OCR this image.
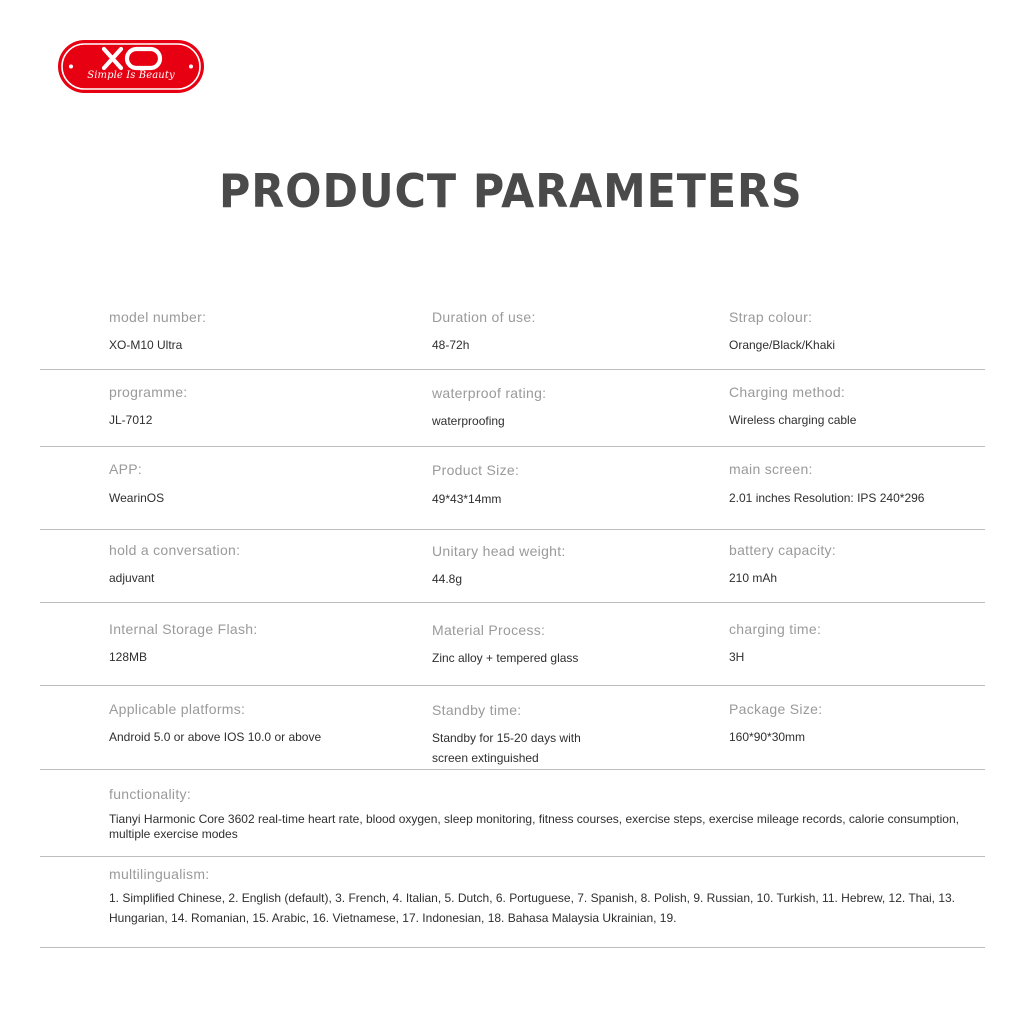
Simple Is Beauty
PRODUCT PARAMETERS
model number:
XO-M10 Ultra
Duration of use:
48-72h
Strap colour:
Orange/Black/Khaki
programme:
JL-7012
waterproof rating:
waterproofing
Charging method:
Wireless charging cable
APP:
WearinOS
Product Size:
49*43*14mm
main screen:
2.01 inches Resolution: IPS 240*296
hold a conversation:
adjuvant
Unitary head weight:
44.8g
battery capacity:
210 mAh
Internal Storage Flash:
128MB
Material Process:
Zinc alloy + tempered glass
charging time:
3H
Applicable platforms:
Android 5.0 or above IOS 10.0 or above
Standby time:
Standby for 15-20 days with screen extinguished
Package Size:
160*90*30mm
functionality:
Tianyi Harmonic Core 3602 real-time heart rate, blood oxygen, sleep monitoring, fitness courses, exercise steps, exercise mileage records, calorie consumption, multiple exercise modes
multilingualism:
1. Simplified Chinese, 2. English (default), 3. French, 4. Italian, 5. Dutch, 6. Portuguese, 7. Spanish, 8. Polish, 9. Russian, 10. Turkish, 11. Hebrew, 12. Thai, 13. Hungarian, 14. Romanian, 15. Arabic, 16. Vietnamese, 17. Indonesian, 18. Bahasa Malaysia Ukrainian, 19.
